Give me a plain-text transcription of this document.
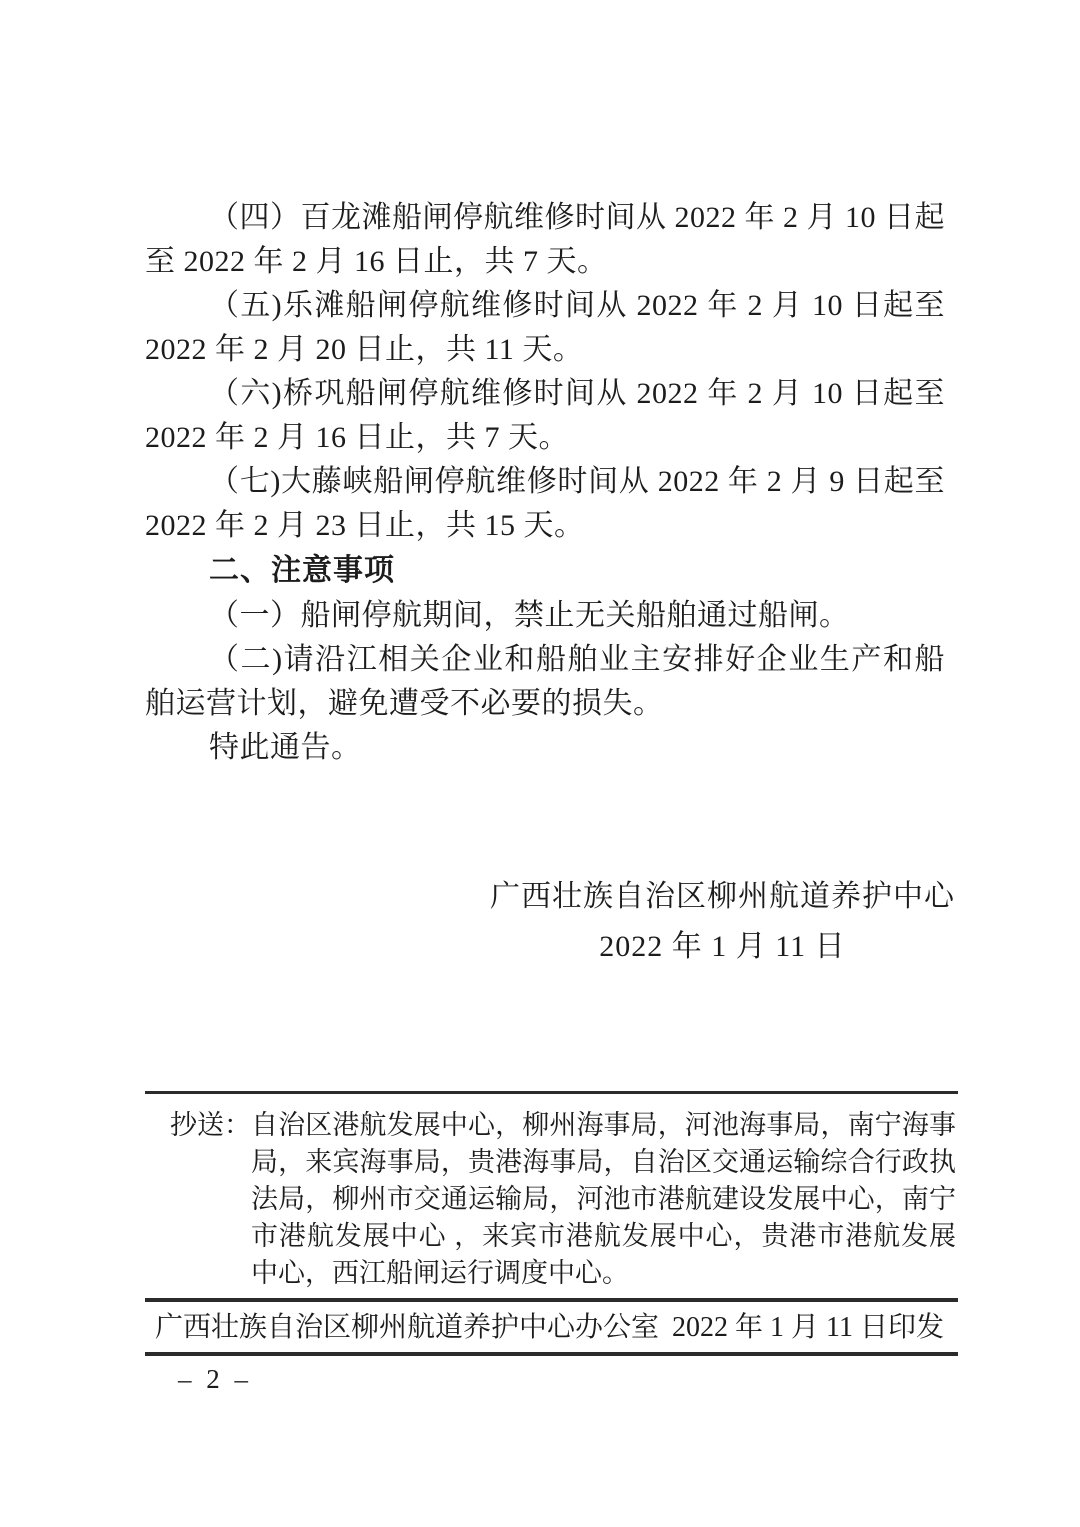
（四）百龙滩船闸停航维修时间从 2022 年 2 月 10 日起至 2022 年 2 月 16 日止，共 7 天。

（五)乐滩船闸停航维修时间从 2022 年 2 月 10 日起至 2022 年 2 月 20 日止，共 11 天。

（六)桥巩船闸停航维修时间从 2022 年 2 月 10 日起至 2022 年 2 月 16 日止，共 7 天。

（七)大藤峡船闸停航维修时间从 2022 年 2 月 9 日起至 2022 年 2 月 23 日止，共 15 天。

二、注意事项

（一）船闸停航期间，禁止无关船舶通过船闸。

（二)请沿江相关企业和船舶业主安排好企业生产和船舶运营计划，避免遭受不必要的损失。

特此通告。

广西壮族自治区柳州航道养护中心
2022 年 1 月 11 日
抄送： 自治区港航发展中心，柳州海事局，河池海事局，南宁海事局，来宾海事局，贵港海事局，自治区交通运输综合行政执法局，柳州市交通运输局，河池市港航建设发展中心，南宁市港航发展中心 ，来宾市港航发展中心，贵港市港航发展中心，西江船闸运行调度中心。
广西壮族自治区柳州航道养护中心办公室 2022 年 1 月 11 日印发
– 2 –
